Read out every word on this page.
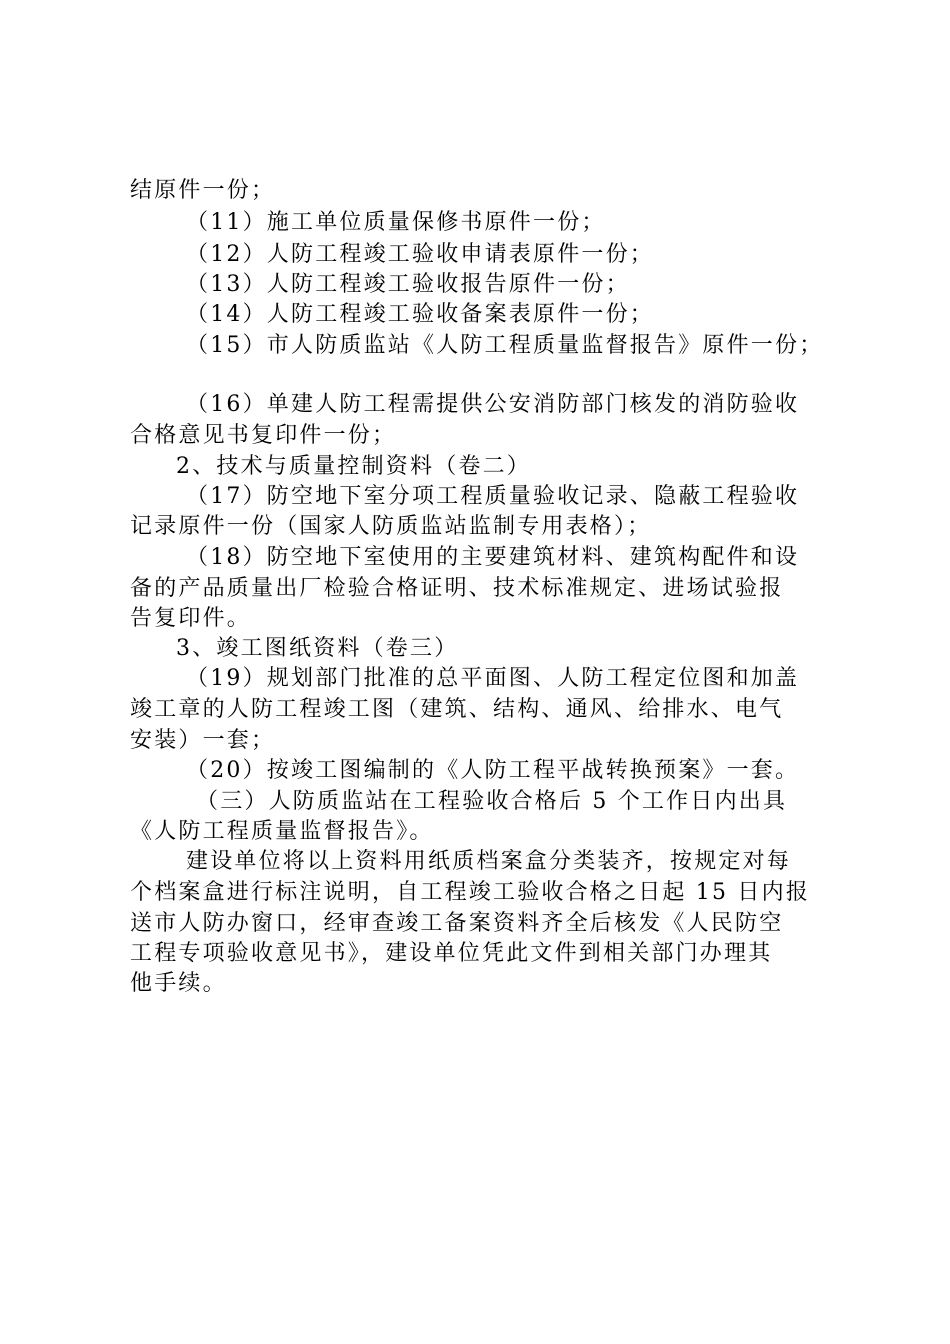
结原件一份；
（11）施工单位质量保修书原件一份；
（12）人防工程竣工验收申请表原件一份；
（13）人防工程竣工验收报告原件一份；
（14）人防工程竣工验收备案表原件一份；
（15）市人防质监站《人防工程质量监督报告》原件一份；
（16）单建人防工程需提供公安消防部门核发的消防验收
合格意见书复印件一份；
2、技术与质量控制资料（卷二）
（17）防空地下室分项工程质量验收记录、隐蔽工程验收
记录原件一份（国家人防质监站监制专用表格）；
（18）防空地下室使用的主要建筑材料、建筑构配件和设
备的产品质量出厂检验合格证明、技术标准规定、进场试验报
告复印件。
3、竣工图纸资料（卷三）
（19）规划部门批准的总平面图、人防工程定位图和加盖
竣工章的人防工程竣工图（建筑、结构、通风、给排水、电气
安装）一套；
（20）按竣工图编制的《人防工程平战转换预案》一套。
（三）人防质监站在工程验收合格后 5 个工作日内出具
《人防工程质量监督报告》。
建设单位将以上资料用纸质档案盒分类装齐，按规定对每
个档案盒进行标注说明，自工程竣工验收合格之日起 15 日内报
送市人防办窗口，经审查竣工备案资料齐全后核发《人民防空
工程专项验收意见书》，建设单位凭此文件到相关部门办理其
他手续。
